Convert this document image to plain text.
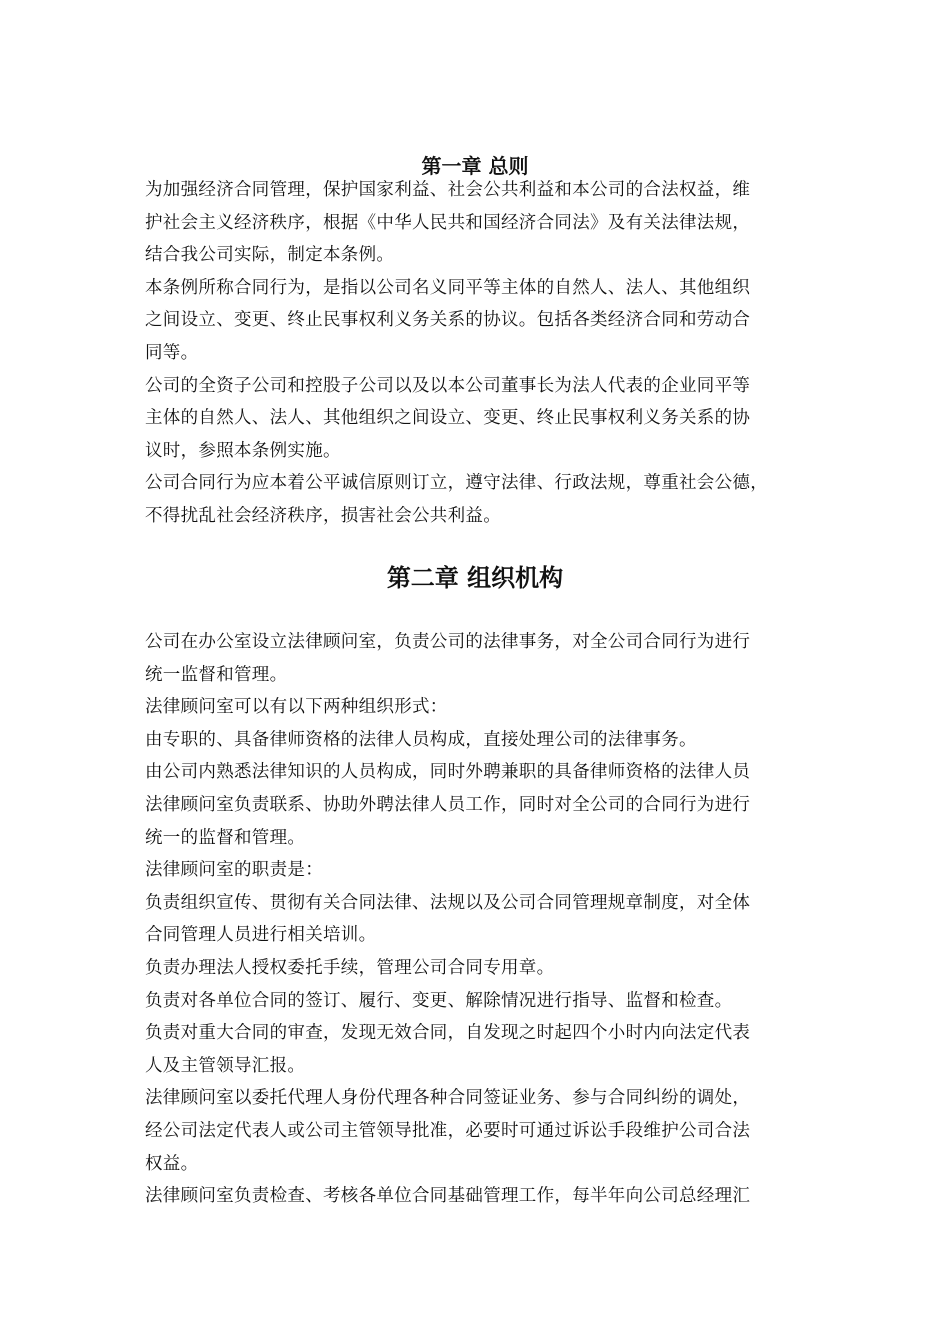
第一章 总则
为加强经济合同管理，保护国家利益、社会公共利益和本公司的合法权益，维
护社会主义经济秩序，根据《中华人民共和国经济合同法》及有关法律法规，
结合我公司实际，制定本条例。
本条例所称合同行为，是指以公司名义同平等主体的自然人、法人、其他组织
之间设立、变更、终止民事权利义务关系的协议。包括各类经济合同和劳动合
同等。
公司的全资子公司和控股子公司以及以本公司董事长为法人代表的企业同平等
主体的自然人、法人、其他组织之间设立、变更、终止民事权利义务关系的协
议时，参照本条例实施。
公司合同行为应本着公平诚信原则订立，遵守法律、行政法规，尊重社会公德，
不得扰乱社会经济秩序，损害社会公共利益。
第二章 组织机构
公司在办公室设立法律顾问室，负责公司的法律事务，对全公司合同行为进行
统一监督和管理。
法律顾问室可以有以下两种组织形式：
由专职的、具备律师资格的法律人员构成，直接处理公司的法律事务。
由公司内熟悉法律知识的人员构成，同时外聘兼职的具备律师资格的法律人员
法律顾问室负责联系、协助外聘法律人员工作，同时对全公司的合同行为进行
统一的监督和管理。
法律顾问室的职责是：
负责组织宣传、贯彻有关合同法律、法规以及公司合同管理规章制度，对全体
合同管理人员进行相关培训。
负责办理法人授权委托手续，管理公司合同专用章。
负责对各单位合同的签订、履行、变更、解除情况进行指导、监督和检查。
负责对重大合同的审查，发现无效合同，自发现之时起四个小时内向法定代表
人及主管领导汇报。
法律顾问室以委托代理人身份代理各种合同签证业务、参与合同纠纷的调处，
经公司法定代表人或公司主管领导批准，必要时可通过诉讼手段维护公司合法
权益。
法律顾问室负责检查、考核各单位合同基础管理工作，每半年向公司总经理汇
